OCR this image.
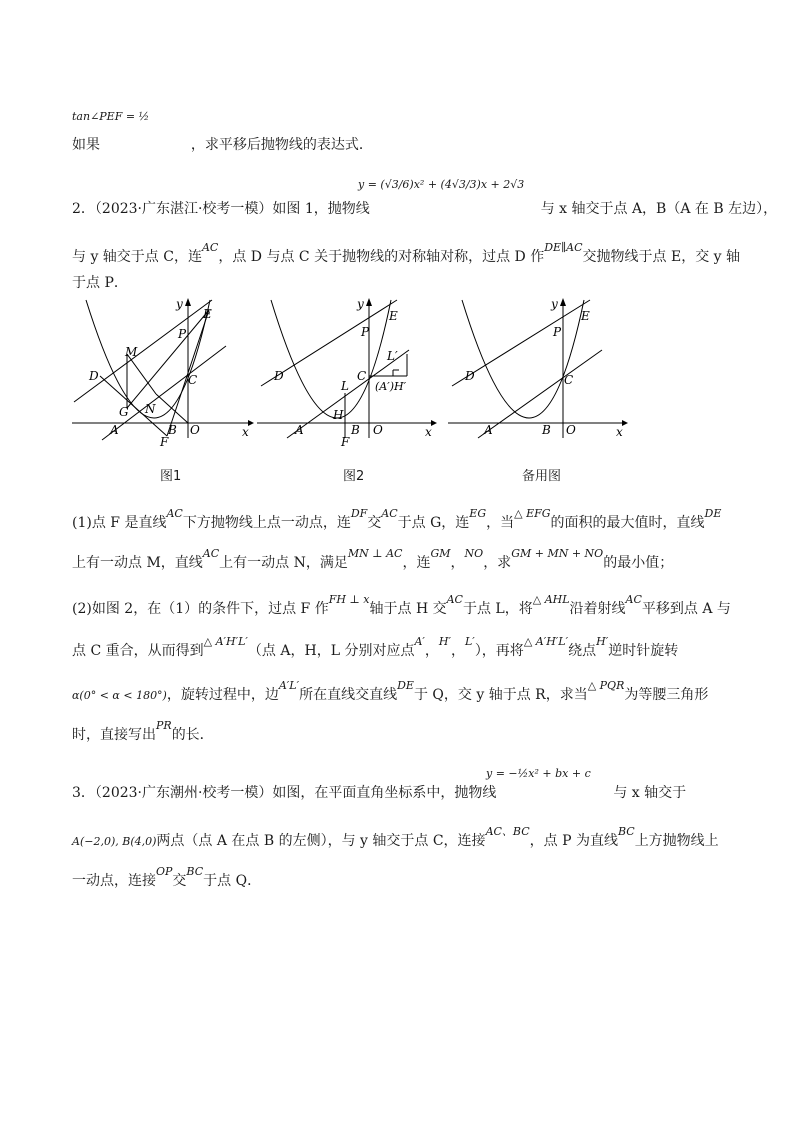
$^{tan\angle PEF = \frac{1}{2}}$
如果	，求平移后抛物线的表达式．
y = (√3/6)x² + (4√3/3)x + 2√3
2．（2023·广东湛江·校考一模）如图 1，抛物线	与 x 轴交于点 A，B（A 在 B 左边），
与 y 轴交于点 C，连$^{AC}$，点 D 与点 C 关于抛物线的对称轴对称，过点 D 作$^{DE\parallel AC}$交抛物线于点 E，交 y 轴
于点 P．
D
M
G N
A	B
F
O
C
P
E
y
x
图1
D
L
H
A	B
F
O
C
L′
(A′)H′
P
E
y
x
图2
D
A	B O
C
P
E
y
x
备用图
(1)点 F 是直线$^{AC}$下方抛物线上点一动点，连$^{DF}$交$^{AC}$于点 G，连$^{EG}$，当$^{\triangle EFG}$的面积的最大值时，直线$^{DE}$
上有一动点 M，直线$^{AC}$上有一动点 N，满足$^{MN \perp AC}$，连$^{GM}$，$^{NO}$，求$^{GM + MN + NO}$的最小值；
(2)如图 2，在（1）的条件下，过点 F 作$^{FH \perp x}$轴于点 H 交$^{AC}$于点 L，将$^{\triangle AHL}$沿着射线$^{AC}$平移到点 A 与
点 C 重合，从而得到$^{\triangle A'H'L'}$（点 A，H，L 分别对应点$^{A'}$，$^{H'}$，$^{L'}$），再将$^{\triangle A'H'L'}$绕点$^{H'}$逆时针旋转
α(0° < α < 180°)，旋转过程中，边$^{A'L'}$所在直线交直线$^{DE}$于 Q，交 y 轴于点 R，求当$^{\triangle PQR}$为等腰三角形
时，直接写出$^{PR}$的长．
y = −½x² + bx + c
3．（2023·广东潮州·校考一模）如图，在平面直角坐标系中，抛物线	与 x 轴交于
A(−2,0), B(4,0)两点（点 A 在点 B 的左侧），与 y 轴交于点 C，连接$^{AC、BC}$，点 P 为直线$^{BC}$上方抛物线上
一动点，连接$^{OP}$交$^{BC}$于点 Q．
